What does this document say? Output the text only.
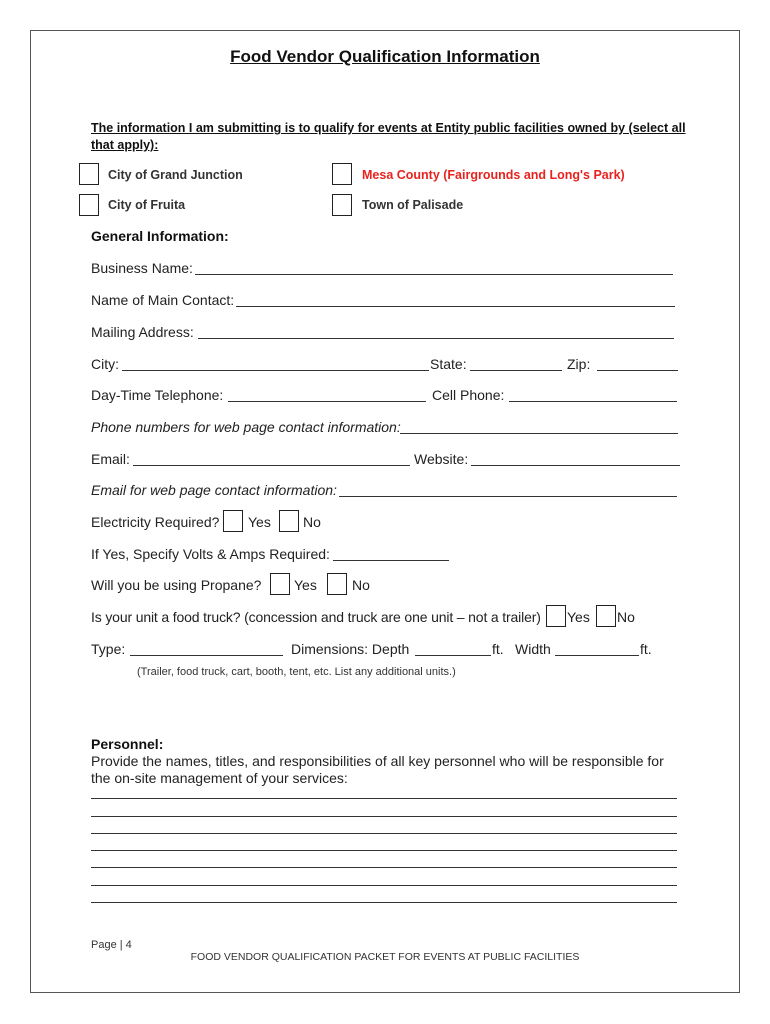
Food Vendor Qualification Information
The information I am submitting is to qualify for events at Entity public facilities owned by (select all that apply):
City of Grand Junction	Mesa County (Fairgrounds and Long's Park)
City of Fruita	Town of Palisade
General Information:
Business Name:
Name of Main Contact:
Mailing Address:
City:	State:	Zip:
Day-Time Telephone:	Cell Phone:
Phone numbers for web page contact information:
Email:	Website:
Email for web page contact information:
Electricity Required? Yes No
If Yes, Specify Volts & Amps Required:
Will you be using Propane? Yes	No
Is your unit a food truck? (concession and truck are one unit – not a trailer) Yes No
Type:	Dimensions: Depth	ft. Width	ft.
(Trailer, food truck, cart, booth, tent, etc. List any additional units.)
Personnel:
Provide the names, titles, and responsibilities of all key personnel who will be responsible for the on-site management of your services:
Page | 4
FOOD VENDOR QUALIFICATION PACKET FOR EVENTS AT PUBLIC FACILITIES
